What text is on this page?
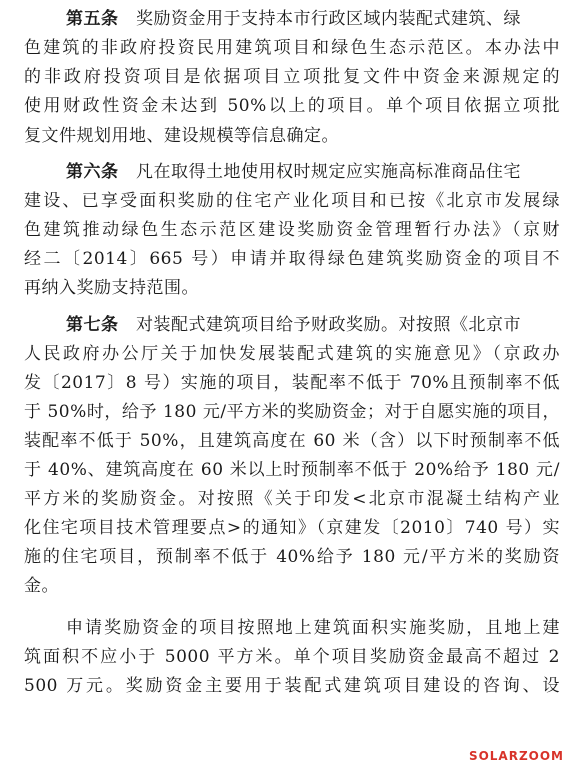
第五条　 奖励资金用于支持本市行政区域内装配式建筑、绿
色建筑的非政府投资民用建筑项目和绿色生态示范区。本办法中
的非政府投资项目是依据项目立项批复文件中资金来源规定的
使用财政性资金未达到 50%以上的项目。单个项目依据立项批
复文件规划用地、建设规模等信息确定。
第六条　 凡在取得土地使用权时规定应实施高标准商品住宅
建设、已享受面积奖励的住宅产业化项目和已按《北京市发展绿
色建筑推动绿色生态示范区建设奖励资金管理暂行办法》（京财
经二〔2014〕665 号）申请并取得绿色建筑奖励资金的项目不
再纳入奖励支持范围。
第七条　 对装配式建筑项目给予财政奖励。对按照《北京市
人民政府办公厅关于加快发展装配式建筑的实施意见》（京政办
发〔2017〕8 号）实施的项目，装配率不低于 70%且预制率不低
于 50%时，给予 180 元/平方米的奖励资金；对于自愿实施的项目，
装配率不低于 50%，且建筑高度在 60 米（含）以下时预制率不低
于 40%、建筑高度在 60 米以上时预制率不低于 20%给予 180 元/
平方米的奖励资金。对按照《关于印发<北京市混凝土结构产业
化住宅项目技术管理要点>的通知》（京建发〔2010〕740 号）实
施的住宅项目，预制率不低于 40%给予 180 元/平方米的奖励资
金。
申请奖励资金的项目按照地上建筑面积实施奖励，且地上建
筑面积不应小于 5000 平方米。单个项目奖励资金最高不超过 2
500 万元。奖励资金主要用于装配式建筑项目建设的咨询、设
SOLARZOOM
